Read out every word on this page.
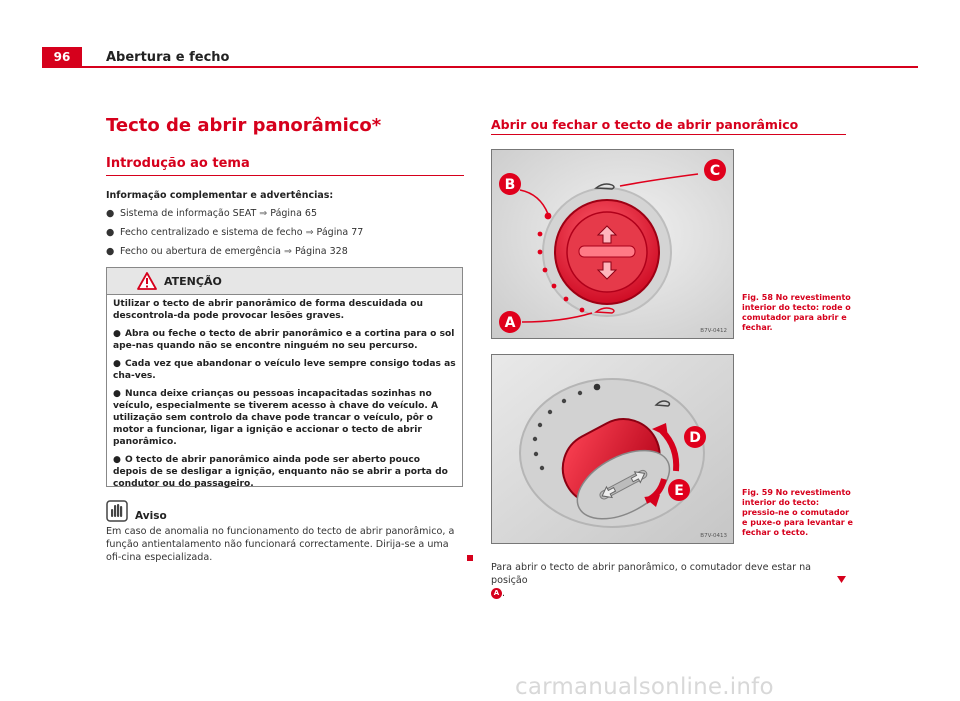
96	Abertura e fecho
Tecto de abrir panorâmico*
Introdução ao tema
Informação complementar e advertências:
● Sistema de informação SEAT ⇒ Página 65
● Fecho centralizado e sistema de fecho ⇒ Página 77
● Fecho ou abertura de emergência ⇒ Página 328
ATENÇÃO

Utilizar o tecto de abrir panorâmico de forma descuidada ou descontrola-da pode provocar lesões graves.

● Abra ou feche o tecto de abrir panorâmico e a cortina para o sol ape-nas quando não se encontre ninguém no seu percurso.

● Cada vez que abandonar o veículo leve sempre consigo todas as cha-ves.

● Nunca deixe crianças ou pessoas incapacitadas sozinhas no veículo, especialmente se tiverem acesso à chave do veículo. A utilização sem controlo da chave pode trancar o veículo, pôr o motor a funcionar, ligar a ignição e accionar o tecto de abrir panorâmico.

● O tecto de abrir panorâmico ainda pode ser aberto pouco depois de se desligar a ignição, enquanto não se abrir a porta do condutor ou do passageiro.

Aviso
Em caso de anomalia no funcionamento do tecto de abrir panorâmico, a função antientalamento não funcionará correctamente. Dirija-se a uma ofi-cina especializada.
Abrir ou fechar o tecto de abrir panorâmico
B
C
A	B7V-0412
Fig. 58 No revestimento interior do tecto: rode o comutador para abrir e fechar.
D
E
B7V-0413
Fig. 59 No revestimento interior do tecto: pressio-ne o comutador e puxe-o para levantar e fechar o tecto.
Para abrir o tecto de abrir panorâmico, o comutador deve estar na posição
A .
carmanualsonline.info
